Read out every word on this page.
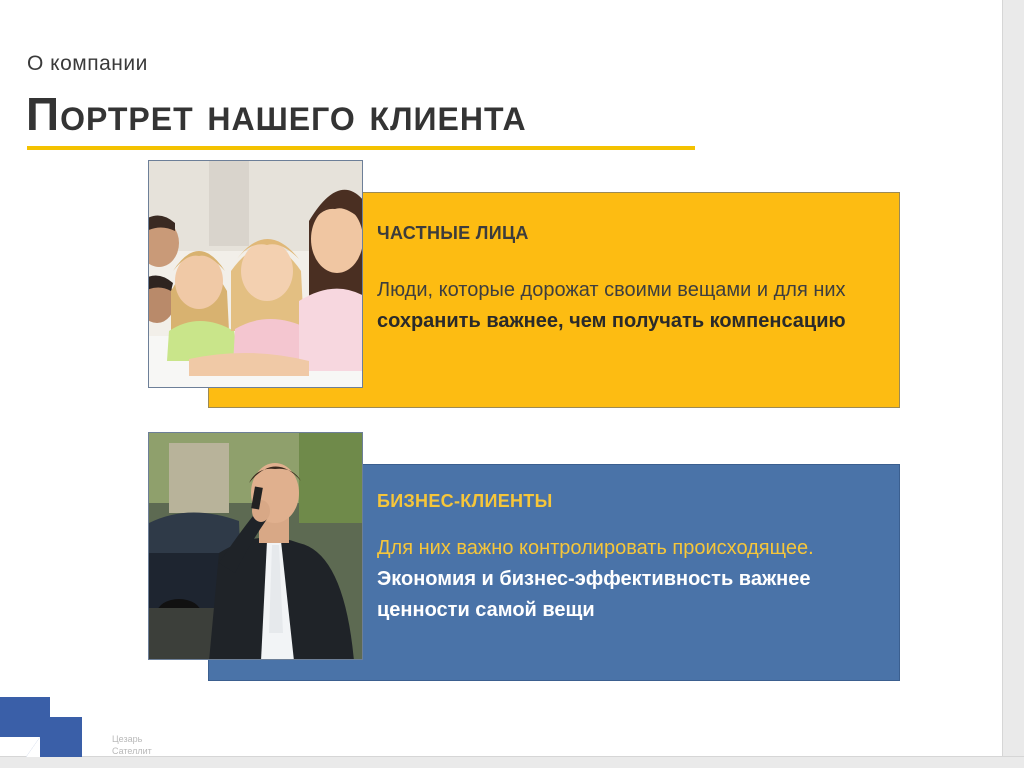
О компании
Портрет нашего клиента
ЧАСТНЫЕ ЛИЦА
Люди, которые дорожат своими вещами и для них сохранить важнее, чем получать компенсацию
БИЗНЕС-КЛИЕНТЫ
Для них важно контролировать происходящее. Экономия и бизнес-эффективность важнее ценности самой вещи
Цезарь
Сателлит
